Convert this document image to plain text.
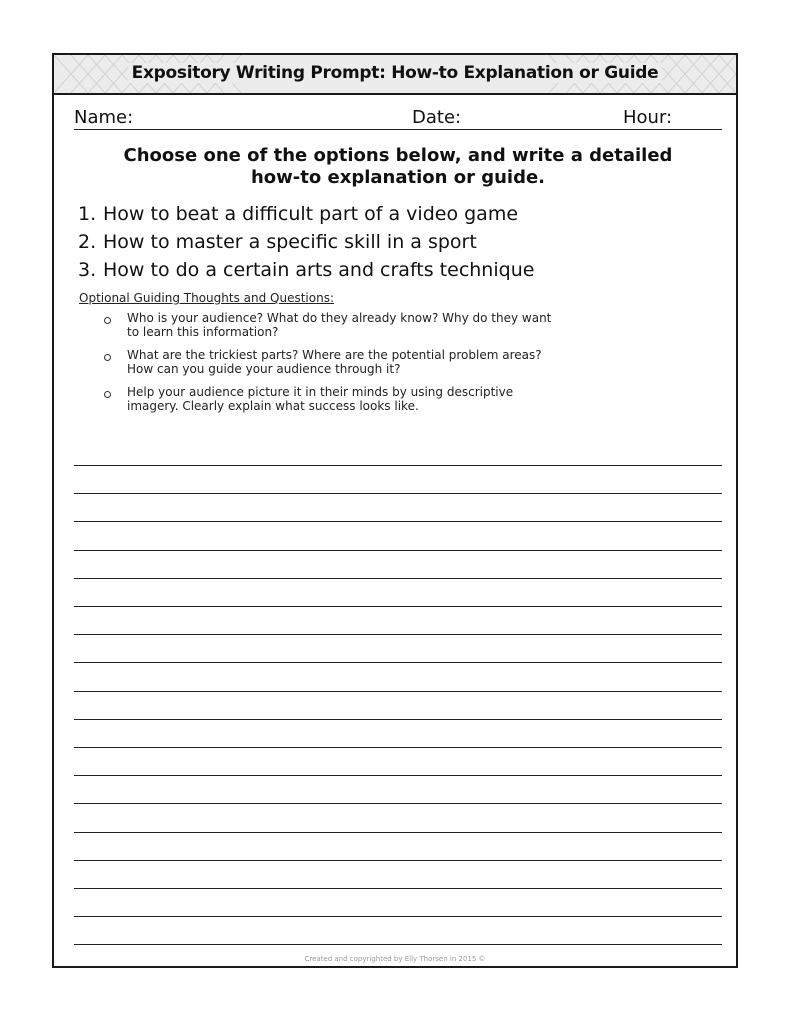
Expository Writing Prompt: How-to Explanation or Guide
Name:	Date:	Hour:
Choose one of the options below, and write a detailed
how-to explanation or guide.
1. How to beat a difficult part of a video game
2. How to master a specific skill in a sport
3. How to do a certain arts and crafts technique
Optional Guiding Thoughts and Questions:
Who is your audience? What do they already know? Why do they want
to learn this information?
What are the trickiest parts? Where are the potential problem areas?
How can you guide your audience through it?
Help your audience picture it in their minds by using descriptive
imagery. Clearly explain what success looks like.
Created and copyrighted by Elly Thorsen in 2015 ©
